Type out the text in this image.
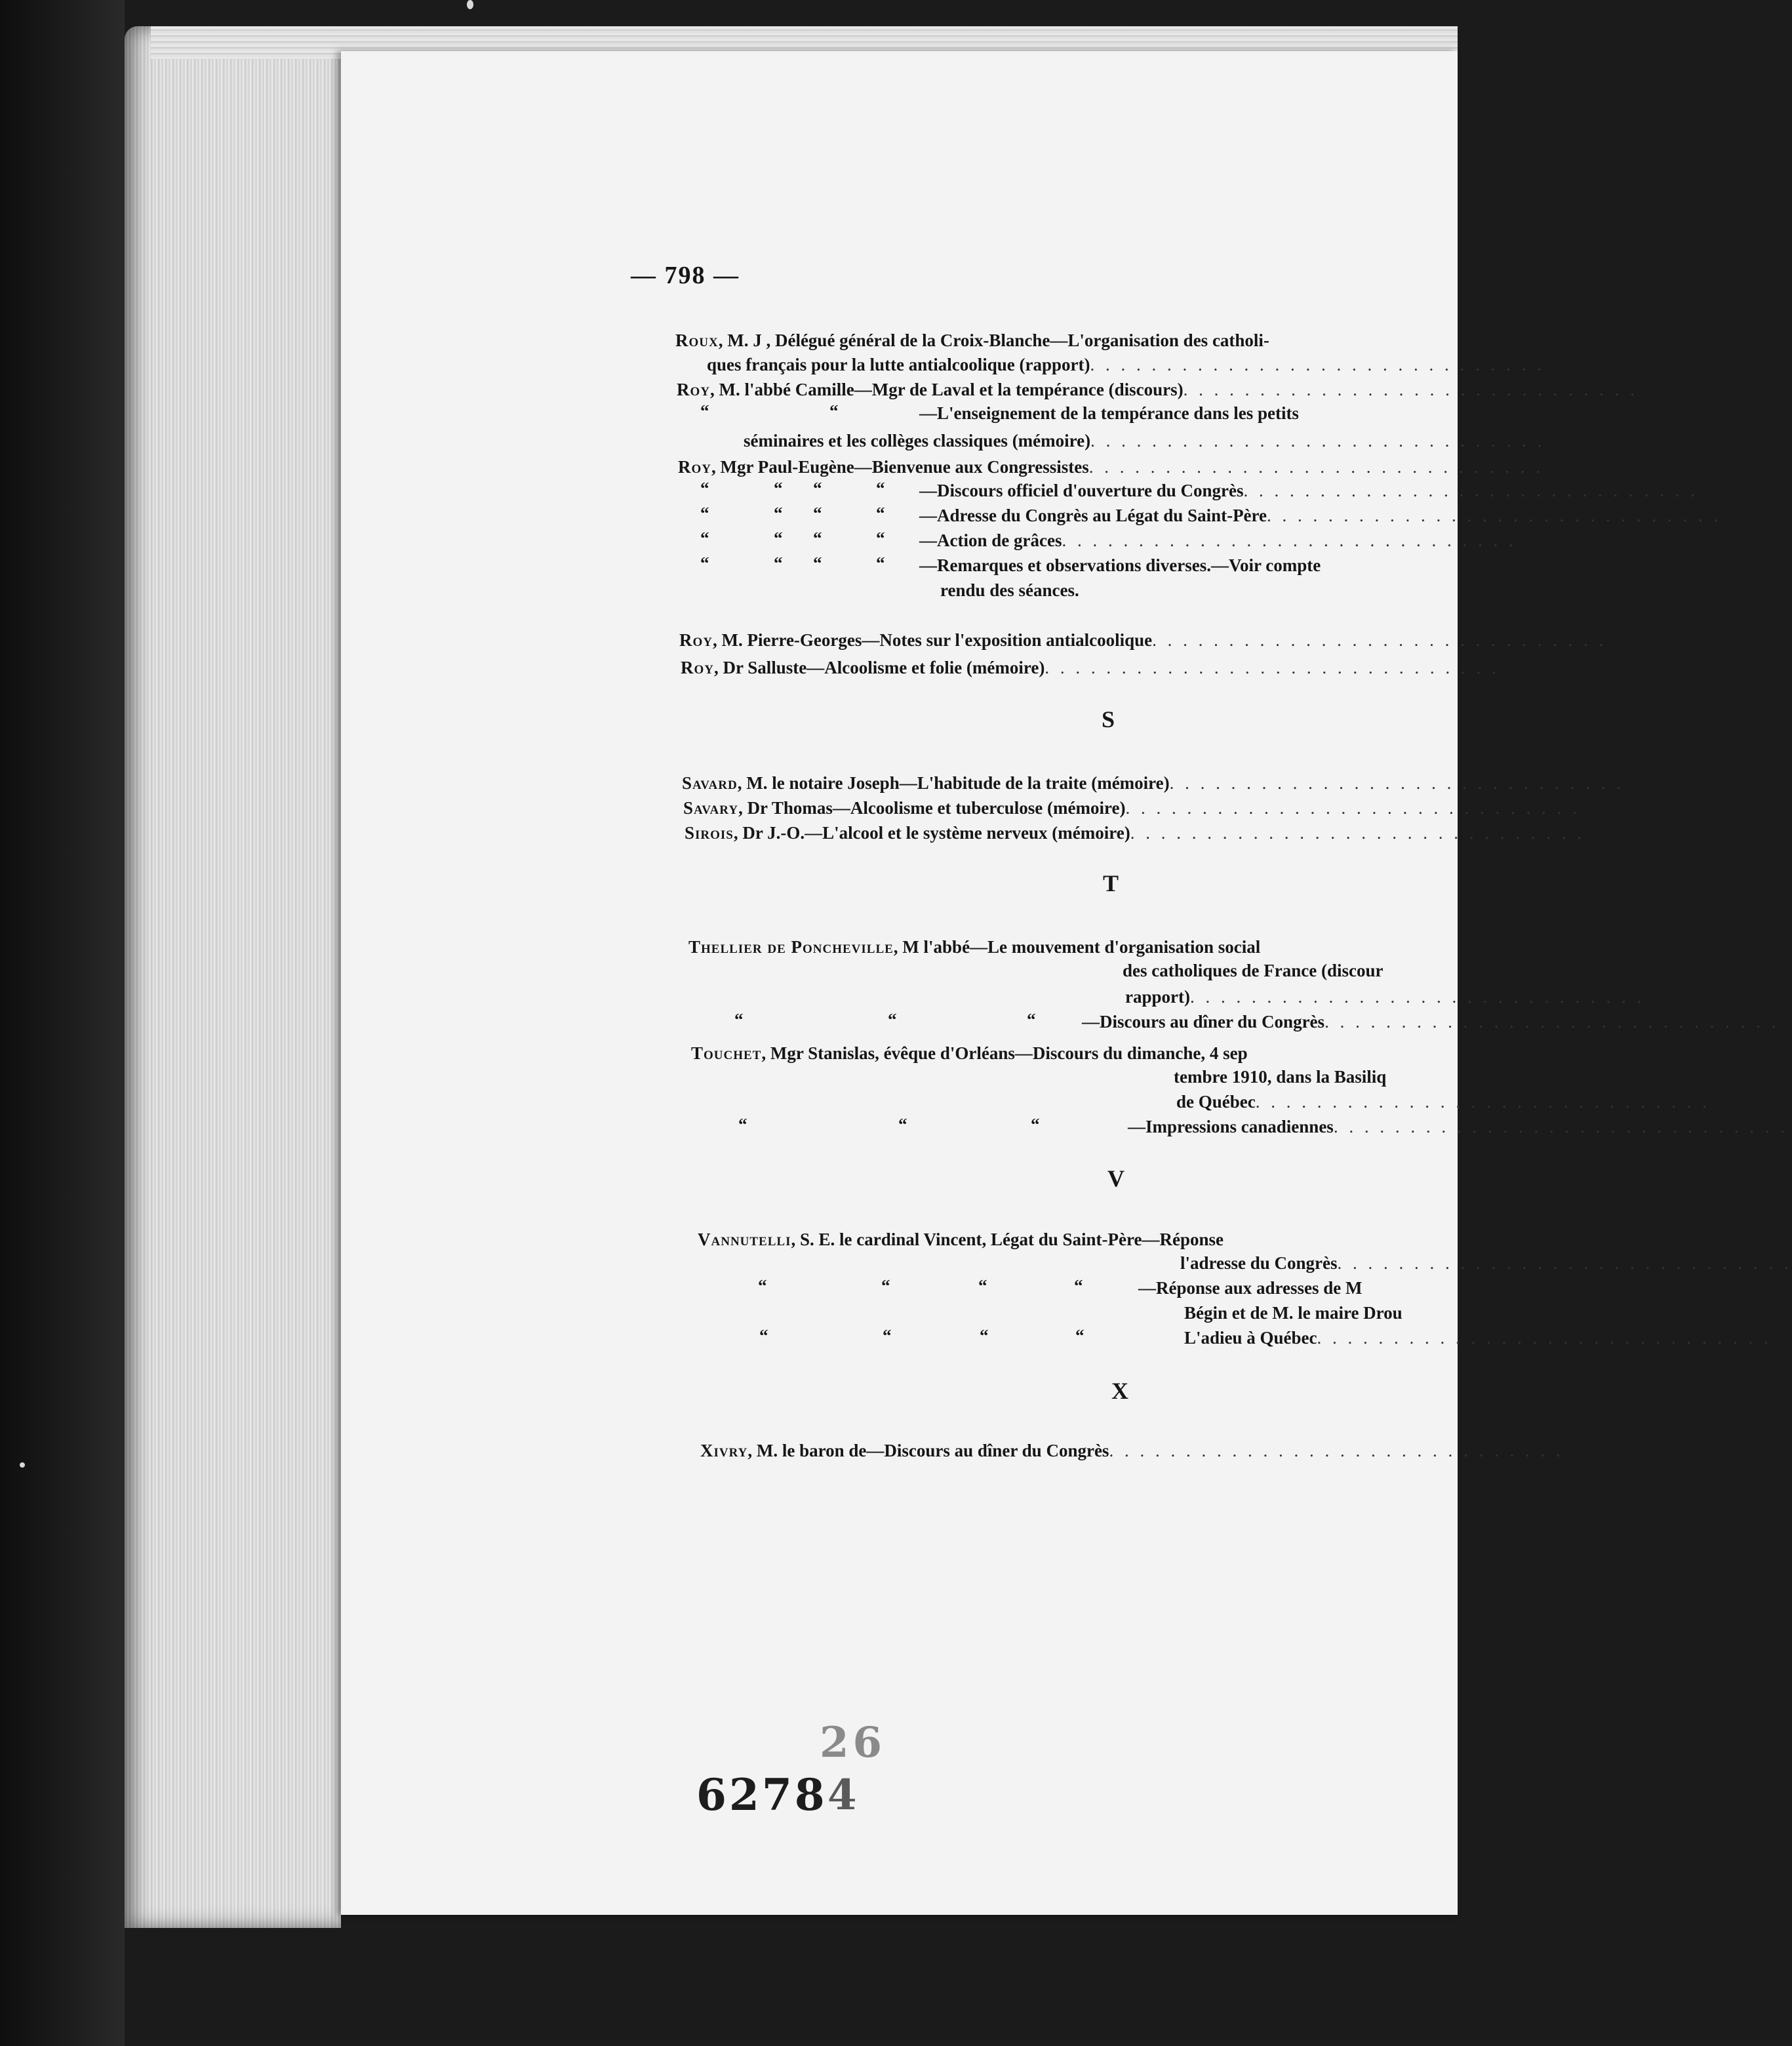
— 798 —
Roux, M. J , Délégué général de la Croix-Blanche—L'organisation des catholi-
ques français pour la lutte antialcoolique (rapport). . . . . . . . . . . . . . . . . . . . . . . . . . . . . .
Roy, M. l'abbé Camille—Mgr de Laval et la tempérance (discours). . . . . . . . . . . . . . . . . . . . . . . . . . . . . .
“	“	—L'enseignement de la tempérance dans les petits
séminaires et les collèges classiques (mémoire). . . . . . . . . . . . . . . . . . . . . . . . . . . . . .
Roy, Mgr Paul-Eugène—Bienvenue aux Congressistes. . . . . . . . . . . . . . . . . . . . . . . . . . . . . .
“	“ “	“ —Discours officiel d'ouverture du Congrès. . . . . . . . . . . . . . . . . . . . . . . . . . . . . .
“	“ “	“ —Adresse du Congrès au Légat du Saint-Père. . . . . . . . . . . . . . . . . . . . . . . . . . . . . .
“	“ “	“ —Action de grâces. . . . . . . . . . . . . . . . . . . . . . . . . . . . . .
“	“ “	“ —Remarques et observations diverses.—Voir compte
rendu des séances.
Roy, M. Pierre-Georges—Notes sur l'exposition antialcoolique. . . . . . . . . . . . . . . . . . . . . . . . . . . . . .
Roy, Dr Salluste—Alcoolisme et folie (mémoire). . . . . . . . . . . . . . . . . . . . . . . . . . . . . .
S
Savard, M. le notaire Joseph—L'habitude de la traite (mémoire). . . . . . . . . . . . . . . . . . . . . . . . . . . . . .
Savary, Dr Thomas—Alcoolisme et tuberculose (mémoire). . . . . . . . . . . . . . . . . . . . . . . . . . . . . .
Sirois, Dr J.-O.—L'alcool et le système nerveux (mémoire). . . . . . . . . . . . . . . . . . . . . . . . . . . . . .
T
Thellier de Poncheville, M l'abbé—Le mouvement d'organisation social
des catholiques de France (discour
rapport). . . . . . . . . . . . . . . . . . . . . . . . . . . . . .
“	“	“	—Discours au dîner du Congrès. . . . . . . . . . . . . . . . . . . . . . . . . . . . . .
Touchet, Mgr Stanislas, évêque d'Orléans—Discours du dimanche, 4 sep
tembre 1910, dans la Basiliq
de Québec. . . . . . . . . . . . . . . . . . . . . . . . . . . . . .
“	“	“	—Impressions canadiennes. . . . . . . . . . . . . . . . . . . . . . . . . . . . . .
V
Vannutelli, S. E. le cardinal Vincent, Légat du Saint-Père—Réponse
l'adresse du Congrès. . . . . . . . . . . . . . . . . . . . . . . . . . . . . .
“	“	“	“	—Réponse aux adresses de M
Bégin et de M. le maire Drou
“	“	“	“	L'adieu à Québec. . . . . . . . . . . . . . . . . . . . . . . . . . . . . .
X
Xivry, M. le baron de—Discours au dîner du Congrès. . . . . . . . . . . . . . . . . . . . . . . . . . . . . .
26
6278 4
